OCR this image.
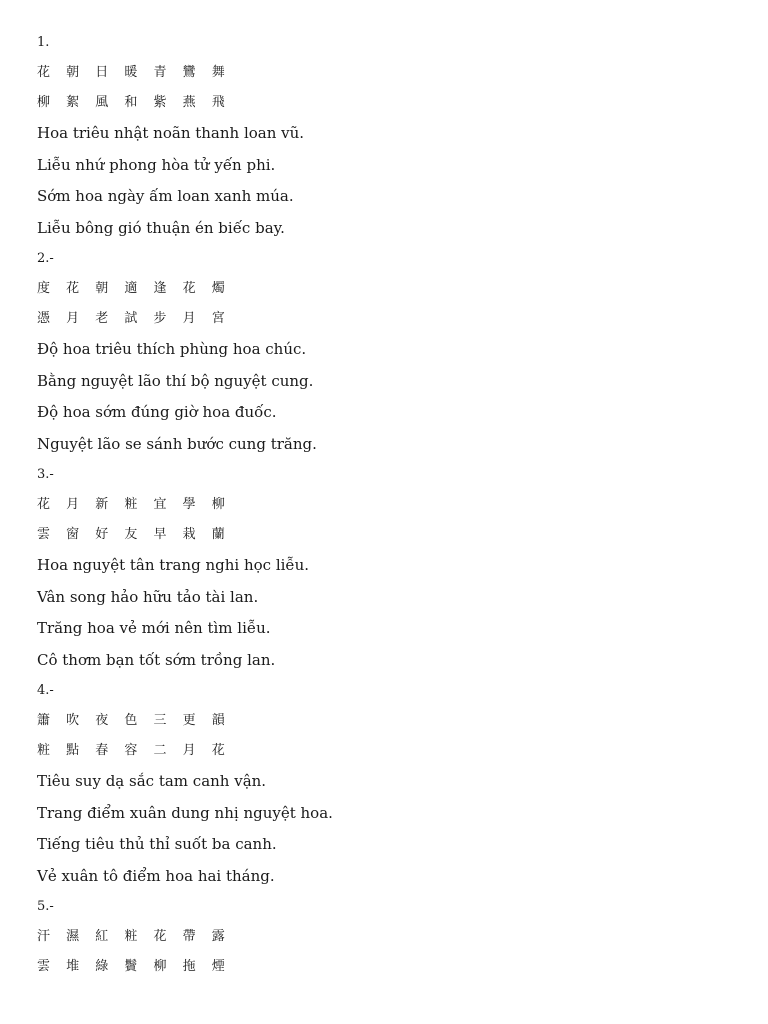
1.
花 朝 日 暖 青 鸞 舞
柳 絮 風 和 紫 燕 飛
Hoa triêu nhật noãn thanh loan vũ.
Liễu nhứ phong hòa tử yến phi.
Sớm hoa ngày ấm loan xanh múa.
Liễu bông gió thuận én biếc bay.
2.-
度 花 朝 適 逢 花 燭
憑 月 老 試 步 月 宮
Độ hoa triêu thích phùng hoa chúc.
Bằng nguyệt lão thí bộ nguyệt cung.
Độ hoa sớm đúng giờ hoa đuốc.
Nguyệt lão se sánh bước cung trăng.
3.-
花 月 新 粧 宜 學 柳
雲 窗 好 友 早 栽 蘭
Hoa nguyệt tân trang nghi học liễu.
Vân song hảo hữu tảo tài lan.
Trăng hoa vẻ mới nên tìm liễu.
Cô thơm bạn tốt sớm trồng lan.
4.-
簫 吹 夜 色 三 更 韻
粧 點 春 容 二 月 花
Tiêu suy dạ sắc tam canh vận.
Trang điểm xuân dung nhị nguyệt hoa.
Tiếng tiêu thủ thỉ suốt ba canh.
Vẻ xuân tô điểm hoa hai tháng.
5.-
汗 濕 紅 粧 花 帶 露
雲 堆 綠 鬢 柳 拖 煙
